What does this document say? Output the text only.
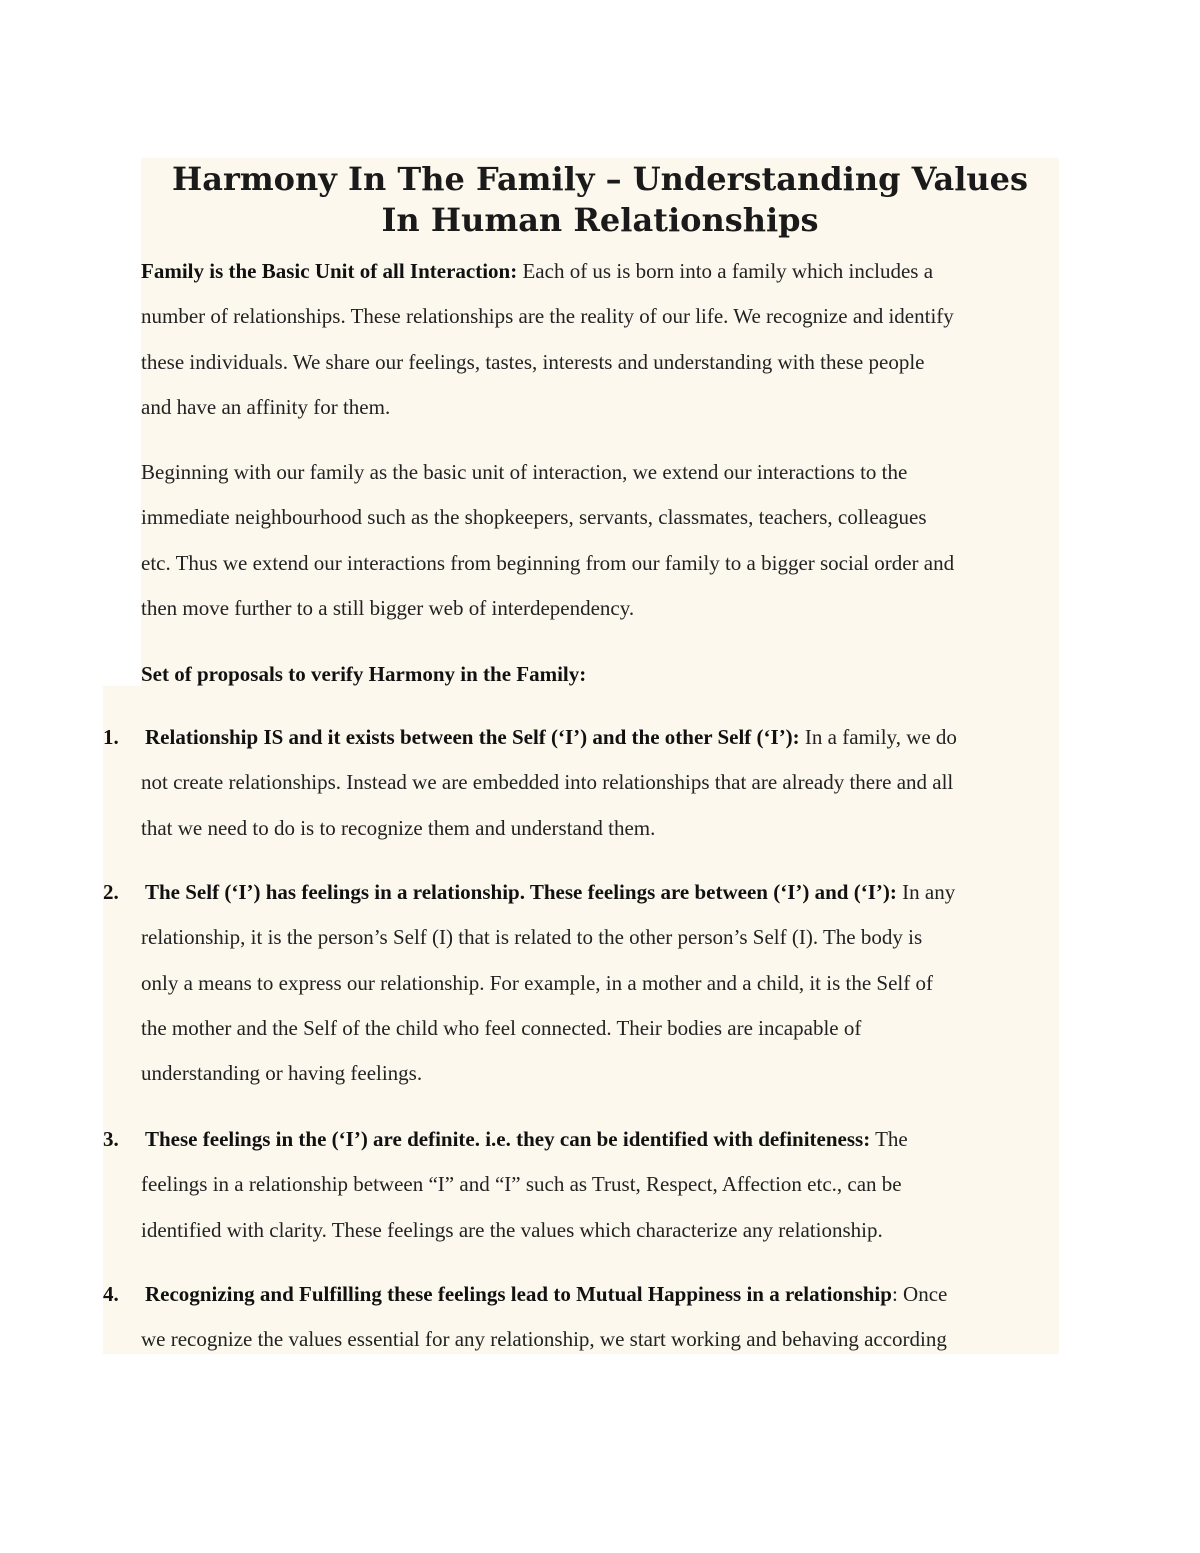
Harmony In The Family – Understanding Values
In Human Relationships
Family is the Basic Unit of all Interaction: Each of us is born into a family which includes a
number of relationships. These relationships are the reality of our life. We recognize and identify
these individuals. We share our feelings, tastes, interests and understanding with these people
and have an affinity for them.
Beginning with our family as the basic unit of interaction, we extend our interactions to the
immediate neighbourhood such as the shopkeepers, servants, classmates, teachers, colleagues
etc. Thus we extend our interactions from beginning from our family to a bigger social order and
then move further to a still bigger web of interdependency.

Set of proposals to verify Harmony in the Family:

1. Relationship IS and it exists between the Self (‘I’) and the other Self (‘I’): In a family, we do
not create relationships. Instead we are embedded into relationships that are already there and all
that we need to do is to recognize them and understand them.
2. The Self (‘I’) has feelings in a relationship. These feelings are between (‘I’) and (‘I’): In any
relationship, it is the person’s Self (I) that is related to the other person’s Self (I). The body is
only a means to express our relationship. For example, in a mother and a child, it is the Self of
the mother and the Self of the child who feel connected. Their bodies are incapable of
understanding or having feelings.
3. These feelings in the (‘I’) are definite. i.e. they can be identified with definiteness: The
feelings in a relationship between “I” and “I” such as Trust, Respect, Affection etc., can be
identified with clarity. These feelings are the values which characterize any relationship.
4. Recognizing and Fulfilling these feelings lead to Mutual Happiness in a relationship: Once
we recognize the values essential for any relationship, we start working and behaving according
